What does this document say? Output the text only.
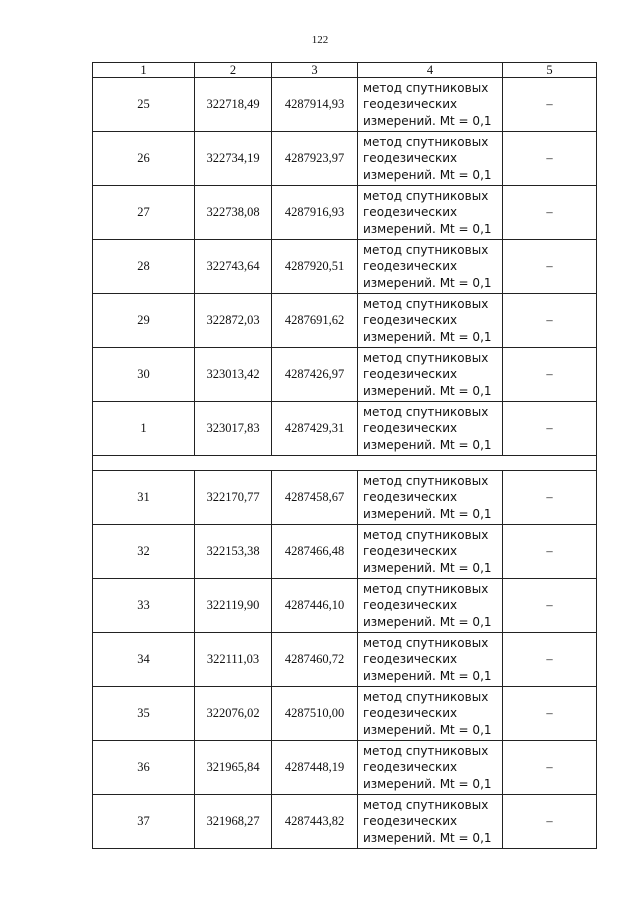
122
1	2	3	4	5
25	322718,49	4287914,93	метод спутниковых
геодезических
измерений. Mt = 0,1	–
26	322734,19	4287923,97	метод спутниковых
геодезических
измерений. Mt = 0,1	–
27	322738,08	4287916,93	метод спутниковых
геодезических
измерений. Mt = 0,1	–
28	322743,64	4287920,51	метод спутниковых
геодезических
измерений. Mt = 0,1	–
29	322872,03	4287691,62	метод спутниковых
геодезических
измерений. Mt = 0,1	–
30	323013,42	4287426,97	метод спутниковых
геодезических
измерений. Mt = 0,1	–
1	323017,83	4287429,31	метод спутниковых
геодезических
измерений. Mt = 0,1	–

31	322170,77	4287458,67	метод спутниковых
геодезических
измерений. Mt = 0,1	–
32	322153,38	4287466,48	метод спутниковых
геодезических
измерений. Mt = 0,1	–
33	322119,90	4287446,10	метод спутниковых
геодезических
измерений. Mt = 0,1	–
34	322111,03	4287460,72	метод спутниковых
геодезических
измерений. Mt = 0,1	–
35	322076,02	4287510,00	метод спутниковых
геодезических
измерений. Mt = 0,1	–
36	321965,84	4287448,19	метод спутниковых
геодезических
измерений. Mt = 0,1	–
37	321968,27	4287443,82	метод спутниковых
геодезических
измерений. Mt = 0,1	–
